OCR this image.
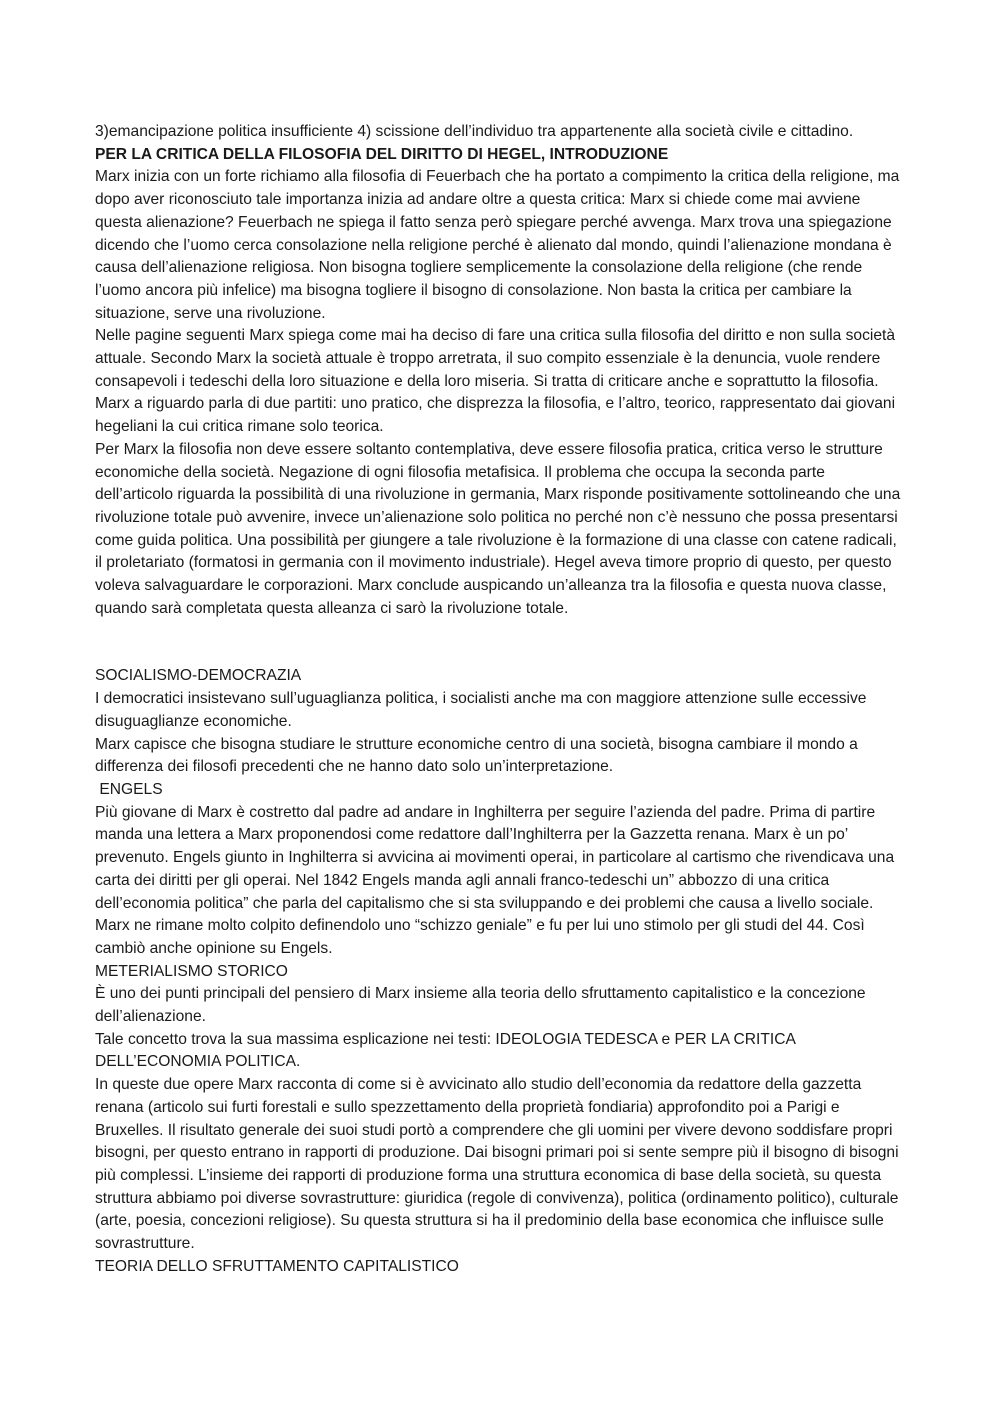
3)emancipazione politica insufficiente 4) scissione dell’individuo tra appartenente alla società civile e cittadino.

PER LA CRITICA DELLA FILOSOFIA DEL DIRITTO DI HEGEL, INTRODUZIONE

Marx inizia con un forte richiamo alla filosofia di Feuerbach che ha portato a compimento la critica della religione, ma dopo aver riconosciuto tale importanza inizia ad andare oltre a questa critica: Marx si chiede come mai avviene questa alienazione? Feuerbach ne spiega il fatto senza però spiegare perché avvenga. Marx trova una spiegazione dicendo che l’uomo cerca consolazione nella religione perché è alienato dal mondo, quindi l’alienazione mondana è causa dell’alienazione religiosa. Non bisogna togliere semplicemente la consolazione della religione (che rende l’uomo ancora più infelice) ma bisogna togliere il bisogno di consolazione. Non basta la critica per cambiare la situazione, serve una rivoluzione.

Nelle pagine seguenti Marx spiega come mai ha deciso di fare una critica sulla filosofia del diritto e non sulla società attuale. Secondo Marx la società attuale è troppo arretrata, il suo compito essenziale è la denuncia, vuole rendere consapevoli i tedeschi della loro situazione e della loro miseria. Si tratta di criticare anche e soprattutto la filosofia. Marx a riguardo parla di due partiti: uno pratico, che disprezza la filosofia, e l’altro, teorico, rappresentato dai giovani hegeliani la cui critica rimane solo teorica.

Per Marx la filosofia non deve essere soltanto contemplativa, deve essere filosofia pratica, critica verso le strutture economiche della società. Negazione di ogni filosofia metafisica. Il problema che occupa la seconda parte dell’articolo riguarda la possibilità di una rivoluzione in germania, Marx risponde positivamente sottolineando che una rivoluzione totale può avvenire, invece un’alienazione solo politica no perché non c’è nessuno che possa presentarsi come guida politica. Una possibilità per giungere a tale rivoluzione è la formazione di una classe con catene radicali, il proletariato (formatosi in germania con il movimento industriale). Hegel aveva timore proprio di questo, per questo voleva salvaguardare le corporazioni. Marx conclude auspicando un’alleanza tra la filosofia e questa nuova classe, quando sarà completata questa alleanza ci sarò la rivoluzione totale.

SOCIALISMO-DEMOCRAZIA

I democratici insistevano sull’uguaglianza politica, i socialisti anche ma con maggiore attenzione sulle eccessive disuguaglianze economiche.

Marx capisce che bisogna studiare le strutture economiche centro di una società, bisogna cambiare il mondo a differenza dei filosofi precedenti che ne hanno dato solo un’interpretazione.

ENGELS

Più giovane di Marx è costretto dal padre ad andare in Inghilterra per seguire l’azienda del padre. Prima di partire manda una lettera a Marx proponendosi come redattore dall’Inghilterra per la Gazzetta renana. Marx è un po’ prevenuto. Engels giunto in Inghilterra si avvicina ai movimenti operai, in particolare al cartismo che rivendicava una carta dei diritti per gli operai. Nel 1842 Engels manda agli annali franco-tedeschi un” abbozzo di una critica dell’economia politica” che parla del capitalismo che si sta sviluppando e dei problemi che causa a livello sociale. Marx ne rimane molto colpito definendolo uno “schizzo geniale” e fu per lui uno stimolo per gli studi del 44. Così cambiò anche opinione su Engels.

METERIALISMO STORICO

È uno dei punti principali del pensiero di Marx insieme alla teoria dello sfruttamento capitalistico e la concezione dell’alienazione.

Tale concetto trova la sua massima esplicazione nei testi: IDEOLOGIA TEDESCA e PER LA CRITICA DELL’ECONOMIA POLITICA.

In queste due opere Marx racconta di come si è avvicinato allo studio dell’economia da redattore della gazzetta renana (articolo sui furti forestali e sullo spezzettamento della proprietà fondiaria) approfondito poi a Parigi e Bruxelles. Il risultato generale dei suoi studi portò a comprendere che gli uomini per vivere devono soddisfare propri bisogni, per questo entrano in rapporti di produzione. Dai bisogni primari poi si sente sempre più il bisogno di bisogni più complessi. L’insieme dei rapporti di produzione forma una struttura economica di base della società, su questa struttura abbiamo poi diverse sovrastrutture: giuridica (regole di convivenza), politica (ordinamento politico), culturale (arte, poesia, concezioni religiose). Su questa struttura si ha il predominio della base economica che influisce sulle sovrastrutture.

TEORIA DELLO SFRUTTAMENTO CAPITALISTICO
